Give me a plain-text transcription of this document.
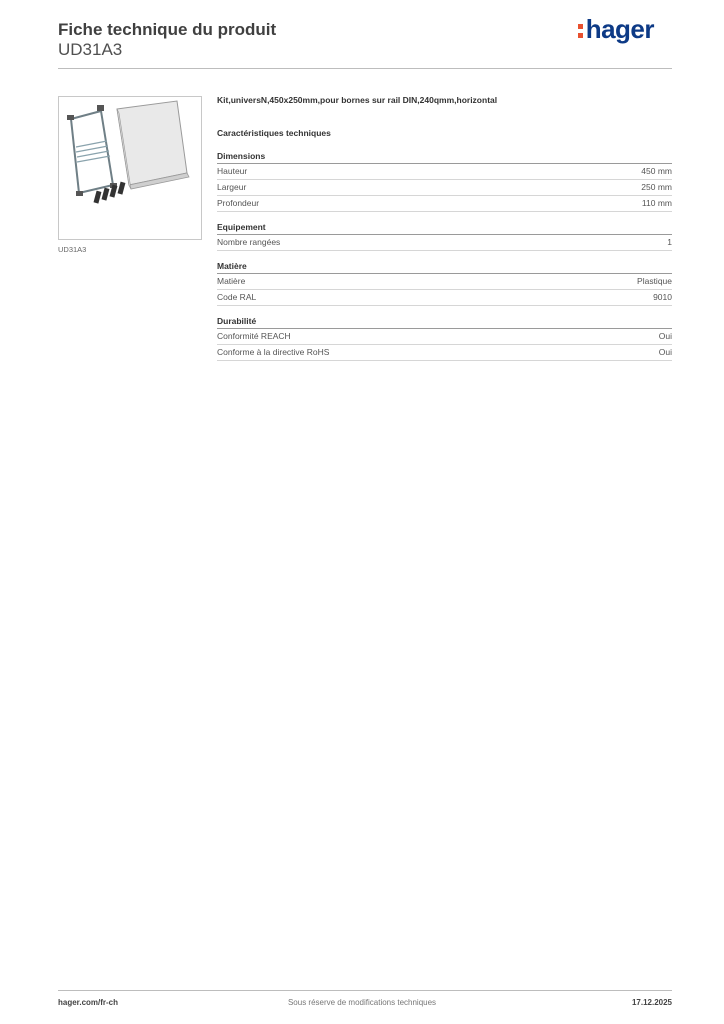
Fiche technique du produit
UD31A3
hager
UD31A3
Kit,universN,450x250mm,pour bornes sur rail DIN,240qmm,horizontal
Caractéristiques techniques
Dimensions
Hauteur	450 mm
Largeur	250 mm
Profondeur	110 mm
Equipement
Nombre rangées	1
Matière
Matière	Plastique
Code RAL	9010
Durabilité
Conformité REACH	Oui
Conforme à la directive RoHS	Oui
hager.com/fr-ch	Sous réserve de modifications techniques	17.12.2025
